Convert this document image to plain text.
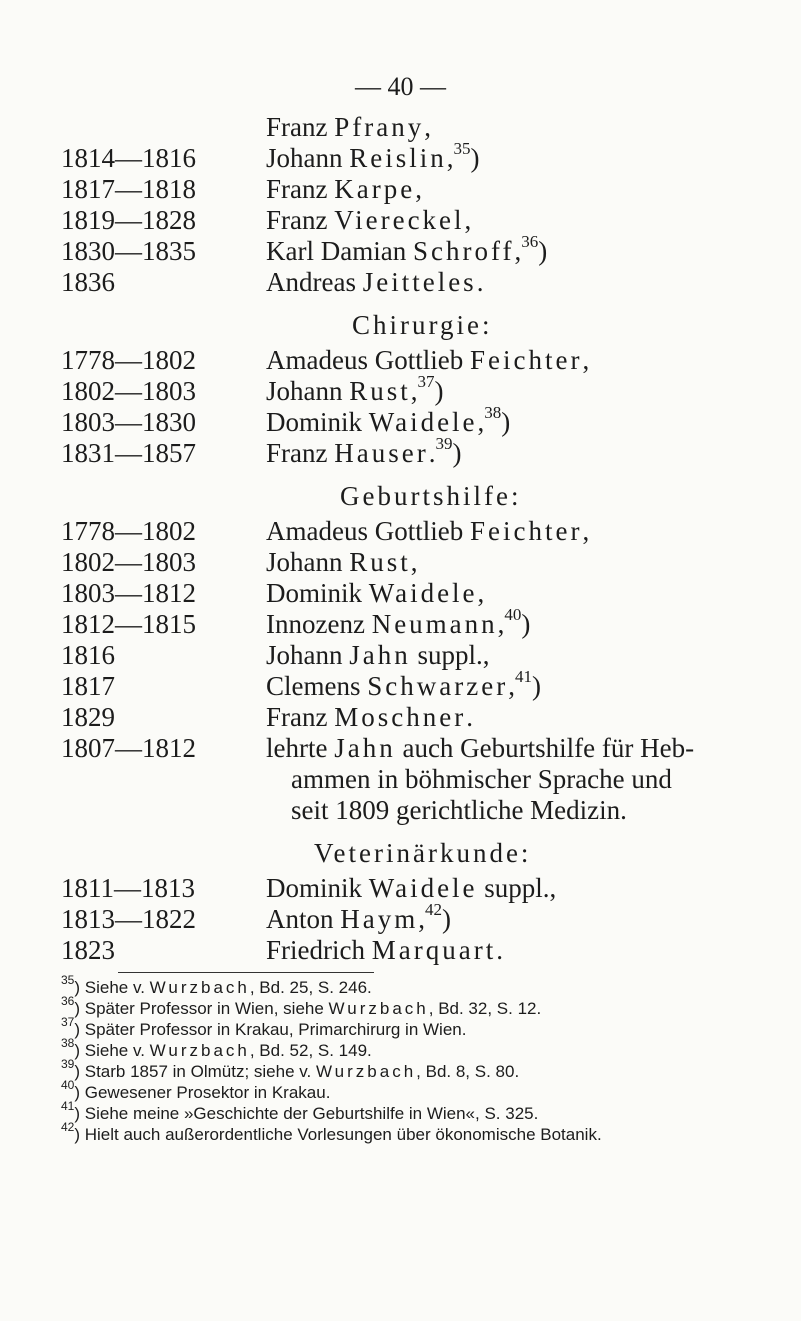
— 40 —
Franz Pfrany,
1814—1816	Johann Reislin,$^{35}$)
1817—1818	Franz Karpe,
1819—1828	Franz Viereckel,
1830—1835	Karl Damian Schroff,$^{36}$)
1836	Andreas Jeitteles.
Chirurgie:
1778—1802	Amadeus Gottlieb Feichter,
1802—1803	Johann Rust,$^{37}$)
1803—1830	Dominik Waidele,$^{38}$)
1831—1857	Franz Hauser.$^{39}$)
Geburtshilfe:
1778—1802	Amadeus Gottlieb Feichter,
1802—1803	Johann Rust,
1803—1812	Dominik Waidele,
1812—1815	Innozenz Neumann,$^{40}$)
1816	Johann Jahn suppl.,
1817	Clemens Schwarzer,$^{41}$)
1829	Franz Moschner.
1807—1812	lehrte Jahn auch Geburtshilfe für Heb-
ammen in böhmischer Sprache und
seit 1809 gerichtliche Medizin.
Veterinärkunde:
1811—1813	Dominik Waidele suppl.,
1813—1822	Anton Haym,$^{42}$)
1823	Friedrich Marquart.
$^{35}$) Siehe v. Wurzbach, Bd. 25, S. 246.
$^{36}$) Später Professor in Wien, siehe Wurzbach, Bd. 32, S. 12.
$^{37}$) Später Professor in Krakau, Primarchirurg in Wien.
$^{38}$) Siehe v. Wurzbach, Bd. 52, S. 149.
$^{39}$) Starb 1857 in Olmütz; siehe v. Wurzbach, Bd. 8, S. 80.
$^{40}$) Gewesener Prosektor in Krakau.
$^{41}$) Siehe meine »Geschichte der Geburtshilfe in Wien«, S. 325.
$^{42}$) Hielt auch außerordentliche Vorlesungen über ökonomische Botanik.
